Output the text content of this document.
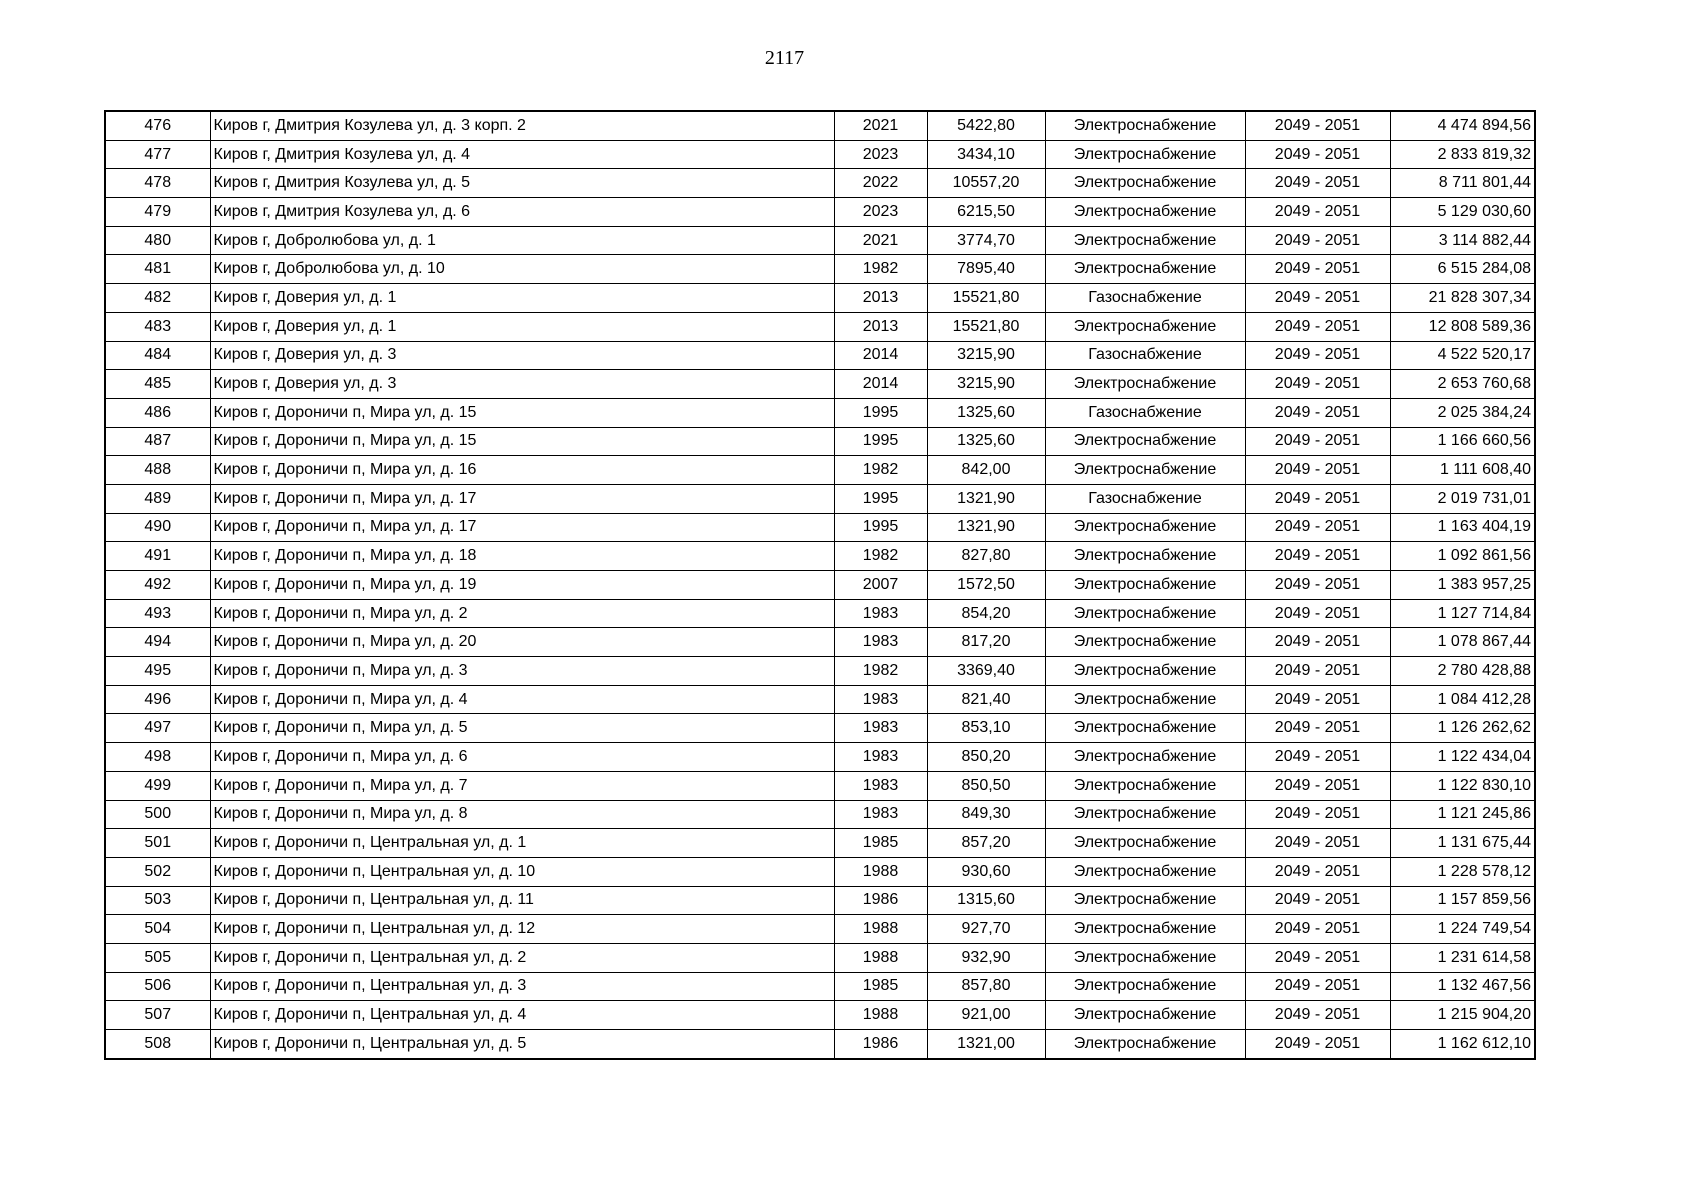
2117
476	Киров г, Дмитрия Козулева ул, д. 3 корп. 2	2021	5422,80	Электроснабжение	2049 - 2051	4 474 894,56
477	Киров г, Дмитрия Козулева ул, д. 4	2023	3434,10	Электроснабжение	2049 - 2051	2 833 819,32
478	Киров г, Дмитрия Козулева ул, д. 5	2022	10557,20	Электроснабжение	2049 - 2051	8 711 801,44
479	Киров г, Дмитрия Козулева ул, д. 6	2023	6215,50	Электроснабжение	2049 - 2051	5 129 030,60
480	Киров г, Добролюбова ул, д. 1	2021	3774,70	Электроснабжение	2049 - 2051	3 114 882,44
481	Киров г, Добролюбова ул, д. 10	1982	7895,40	Электроснабжение	2049 - 2051	6 515 284,08
482	Киров г, Доверия ул, д. 1	2013	15521,80	Газоснабжение	2049 - 2051	21 828 307,34
483	Киров г, Доверия ул, д. 1	2013	15521,80	Электроснабжение	2049 - 2051	12 808 589,36
484	Киров г, Доверия ул, д. 3	2014	3215,90	Газоснабжение	2049 - 2051	4 522 520,17
485	Киров г, Доверия ул, д. 3	2014	3215,90	Электроснабжение	2049 - 2051	2 653 760,68
486	Киров г, Дороничи п, Мира ул, д. 15	1995	1325,60	Газоснабжение	2049 - 2051	2 025 384,24
487	Киров г, Дороничи п, Мира ул, д. 15	1995	1325,60	Электроснабжение	2049 - 2051	1 166 660,56
488	Киров г, Дороничи п, Мира ул, д. 16	1982	842,00	Электроснабжение	2049 - 2051	1 111 608,40
489	Киров г, Дороничи п, Мира ул, д. 17	1995	1321,90	Газоснабжение	2049 - 2051	2 019 731,01
490	Киров г, Дороничи п, Мира ул, д. 17	1995	1321,90	Электроснабжение	2049 - 2051	1 163 404,19
491	Киров г, Дороничи п, Мира ул, д. 18	1982	827,80	Электроснабжение	2049 - 2051	1 092 861,56
492	Киров г, Дороничи п, Мира ул, д. 19	2007	1572,50	Электроснабжение	2049 - 2051	1 383 957,25
493	Киров г, Дороничи п, Мира ул, д. 2	1983	854,20	Электроснабжение	2049 - 2051	1 127 714,84
494	Киров г, Дороничи п, Мира ул, д. 20	1983	817,20	Электроснабжение	2049 - 2051	1 078 867,44
495	Киров г, Дороничи п, Мира ул, д. 3	1982	3369,40	Электроснабжение	2049 - 2051	2 780 428,88
496	Киров г, Дороничи п, Мира ул, д. 4	1983	821,40	Электроснабжение	2049 - 2051	1 084 412,28
497	Киров г, Дороничи п, Мира ул, д. 5	1983	853,10	Электроснабжение	2049 - 2051	1 126 262,62
498	Киров г, Дороничи п, Мира ул, д. 6	1983	850,20	Электроснабжение	2049 - 2051	1 122 434,04
499	Киров г, Дороничи п, Мира ул, д. 7	1983	850,50	Электроснабжение	2049 - 2051	1 122 830,10
500	Киров г, Дороничи п, Мира ул, д. 8	1983	849,30	Электроснабжение	2049 - 2051	1 121 245,86
501	Киров г, Дороничи п, Центральная ул, д. 1	1985	857,20	Электроснабжение	2049 - 2051	1 131 675,44
502	Киров г, Дороничи п, Центральная ул, д. 10	1988	930,60	Электроснабжение	2049 - 2051	1 228 578,12
503	Киров г, Дороничи п, Центральная ул, д. 11	1986	1315,60	Электроснабжение	2049 - 2051	1 157 859,56
504	Киров г, Дороничи п, Центральная ул, д. 12	1988	927,70	Электроснабжение	2049 - 2051	1 224 749,54
505	Киров г, Дороничи п, Центральная ул, д. 2	1988	932,90	Электроснабжение	2049 - 2051	1 231 614,58
506	Киров г, Дороничи п, Центральная ул, д. 3	1985	857,80	Электроснабжение	2049 - 2051	1 132 467,56
507	Киров г, Дороничи п, Центральная ул, д. 4	1988	921,00	Электроснабжение	2049 - 2051	1 215 904,20
508	Киров г, Дороничи п, Центральная ул, д. 5	1986	1321,00	Электроснабжение	2049 - 2051	1 162 612,10
